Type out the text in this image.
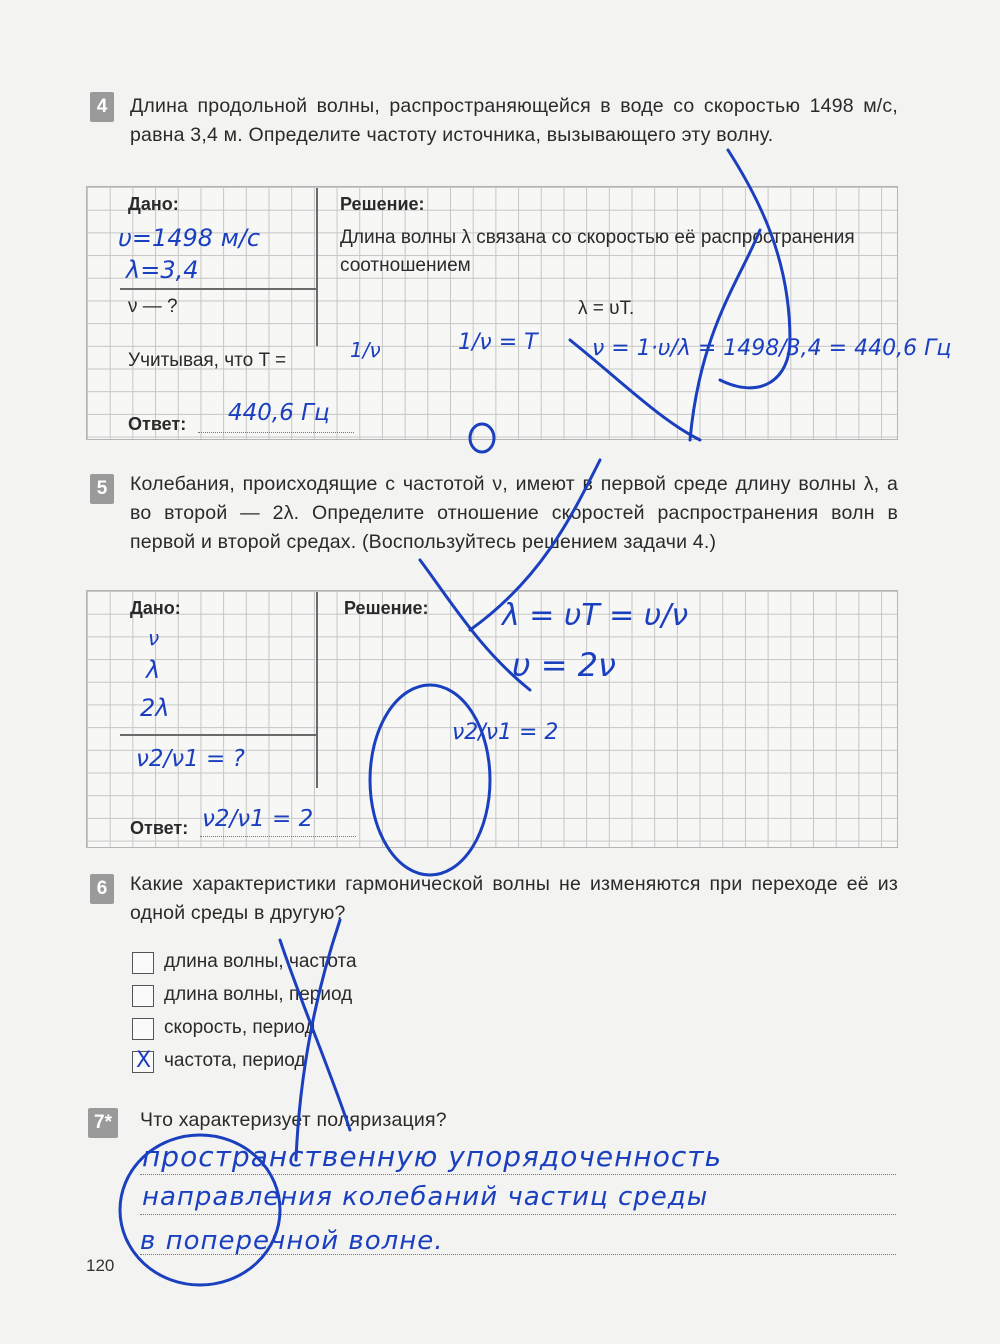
4	Длина продольной волны, распространяющейся в воде со скоростью 1498 м/с, равна 3,4 м. Определите частоту источника, вызывающего эту волну.
Дано:	Решение:
Длина волны λ связана со скоростью её распространения соотношением
λ = υT.
ν — ?
Учитывая, что T =
υ=1498 м/с
λ=3,4
1/ν	1/ν = T ν = 1·υ/λ = 1498/3,4 = 440,6 Гц
Ответ: 440,6 Гц
5	Колебания, происходящие с частотой ν, имеют в первой среде длину волны λ, а во второй — 2λ. Определите отношение скоростей распространения волн в первой и второй средах. (Воспользуйтесь решением задачи 4.)
Дано:	Решение:
ν
λ
2λ
ν2/ν1 = ?
λ = υT = υ/ν
υ = 2ν
ν2/ν1 = 2
Ответ: ν2/ν1 = 2
6	Какие характеристики гармонической волны не изменяются при переходе её из одной среды в другую?
длина волны, частота
длина волны, период
скорость, период
X частота, период
7*	Что характеризует поляризация?
пространственную упорядоченность
направления колебаний частиц среды
в поперечной волне.
120
